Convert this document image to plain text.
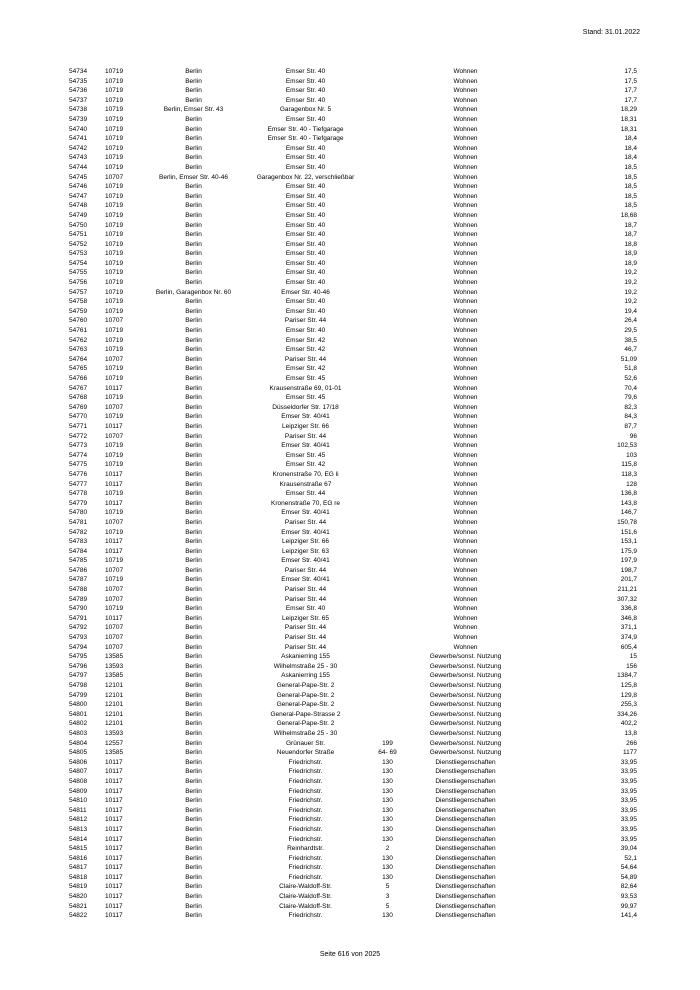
Stand: 31.01.2022
54734	10719	Berlin	Emser Str. 40		Wohnen	17,5
54735	10719	Berlin	Emser Str. 40		Wohnen	17,5
54736	10719	Berlin	Emser Str. 40		Wohnen	17,7
54737	10719	Berlin	Emser Str. 40		Wohnen	17,7
54738	10719	Berlin, Emser Str. 43	Garagenbox Nr. 5		Wohnen	18,29
54739	10719	Berlin	Emser Str. 40		Wohnen	18,31
54740	10719	Berlin	Emser Str. 40 - Tiefgarage		Wohnen	18,31
54741	10719	Berlin	Emser Str. 40 - Tiefgarage		Wohnen	18,4
54742	10719	Berlin	Emser Str. 40		Wohnen	18,4
54743	10719	Berlin	Emser Str. 40		Wohnen	18,4
54744	10719	Berlin	Emser Str. 40		Wohnen	18,5
54745	10707	Berlin, Emser Str. 40-46	Garagenbox Nr. 22, verschließbar		Wohnen	18,5
54746	10719	Berlin	Emser Str. 40		Wohnen	18,5
54747	10719	Berlin	Emser Str. 40		Wohnen	18,5
54748	10719	Berlin	Emser Str. 40		Wohnen	18,5
54749	10719	Berlin	Emser Str. 40		Wohnen	18,68
54750	10719	Berlin	Emser Str. 40		Wohnen	18,7
54751	10719	Berlin	Emser Str. 40		Wohnen	18,7
54752	10719	Berlin	Emser Str. 40		Wohnen	18,8
54753	10719	Berlin	Emser Str. 40		Wohnen	18,9
54754	10719	Berlin	Emser Str. 40		Wohnen	18,9
54755	10719	Berlin	Emser Str. 40		Wohnen	19,2
54756	10719	Berlin	Emser Str. 40		Wohnen	19,2
54757	10719	Berlin, Garagenbox Nr. 60	Emser Str. 40-46		Wohnen	19,2
54758	10719	Berlin	Emser Str. 40		Wohnen	19,2
54759	10719	Berlin	Emser Str. 40		Wohnen	19,4
54760	10707	Berlin	Pariser Str. 44		Wohnen	26,4
54761	10719	Berlin	Emser Str. 40		Wohnen	29,5
54762	10719	Berlin	Emser Str. 42		Wohnen	38,5
54763	10719	Berlin	Emser Str. 42		Wohnen	46,7
54764	10707	Berlin	Pariser Str. 44		Wohnen	51,09
54765	10719	Berlin	Emser Str. 42		Wohnen	51,8
54766	10719	Berlin	Emser Str. 45		Wohnen	52,6
54767	10117	Berlin	Krausenstraße 69, 01-01		Wohnen	70,4
54768	10719	Berlin	Emser Str. 45		Wohnen	79,6
54769	10707	Berlin	Düsseldorfer Str. 17/18		Wohnen	82,3
54770	10719	Berlin	Emser Str. 40/41		Wohnen	84,3
54771	10117	Berlin	Leipziger Str. 66		Wohnen	87,7
54772	10707	Berlin	Pariser Str. 44		Wohnen	96
54773	10719	Berlin	Emser Str. 40/41		Wohnen	102,53
54774	10719	Berlin	Emser Str. 45		Wohnen	103
54775	10719	Berlin	Emser Str. 42		Wohnen	115,8
54776	10117	Berlin	Kronenstraße 70, EG li		Wohnen	118,3
54777	10117	Berlin	Krausenstraße 67		Wohnen	128
54778	10719	Berlin	Emser Str. 44		Wohnen	136,8
54779	10117	Berlin	Kronenstraße 70, EG re		Wohnen	143,8
54780	10719	Berlin	Emser Str. 40/41		Wohnen	146,7
54781	10707	Berlin	Pariser Str. 44		Wohnen	150,78
54782	10719	Berlin	Emser Str. 40/41		Wohnen	151,6
54783	10117	Berlin	Leipziger Str. 66		Wohnen	153,1
54784	10117	Berlin	Leipziger Str. 63		Wohnen	175,9
54785	10719	Berlin	Emser Str. 40/41		Wohnen	197,9
54786	10707	Berlin	Pariser Str. 44		Wohnen	198,7
54787	10719	Berlin	Emser Str. 40/41		Wohnen	201,7
54788	10707	Berlin	Pariser Str. 44		Wohnen	211,21
54789	10707	Berlin	Pariser Str. 44		Wohnen	307,32
54790	10719	Berlin	Emser Str. 40		Wohnen	336,8
54791	10117	Berlin	Leipziger Str. 65		Wohnen	346,8
54792	10707	Berlin	Pariser Str. 44		Wohnen	371,1
54793	10707	Berlin	Pariser Str. 44		Wohnen	374,9
54794	10707	Berlin	Pariser Str. 44		Wohnen	605,4
54795	13585	Berlin	Askanierring 155		Gewerbe/sonst. Nutzung	15
54796	13593	Berlin	Wilhelmstraße 25 - 30		Gewerbe/sonst. Nutzung	156
54797	13585	Berlin	Askanierring 155		Gewerbe/sonst. Nutzung	1384,7
54798	12101	Berlin	General-Pape-Str. 2		Gewerbe/sonst. Nutzung	125,8
54799	12101	Berlin	General-Pape-Str. 2		Gewerbe/sonst. Nutzung	129,8
54800	12101	Berlin	General-Pape-Str. 2		Gewerbe/sonst. Nutzung	255,3
54801	12101	Berlin	General-Pape-Strasse 2		Gewerbe/sonst. Nutzung	334,26
54802	12101	Berlin	General-Pape-Str. 2		Gewerbe/sonst. Nutzung	402,2
54803	13593	Berlin	Wilhelmstraße 25 - 30		Gewerbe/sonst. Nutzung	13,8
54804	12557	Berlin	Grünauer Str.	199	Gewerbe/sonst. Nutzung	266
54805	13585	Berlin	Neuendorfer Straße	64- 69	Gewerbe/sonst. Nutzung	1177
54806	10117	Berlin	Friedrichstr.	130	Dienstliegenschaften	33,95
54807	10117	Berlin	Friedrichstr.	130	Dienstliegenschaften	33,95
54808	10117	Berlin	Friedrichstr.	130	Dienstliegenschaften	33,95
54809	10117	Berlin	Friedrichstr.	130	Dienstliegenschaften	33,95
54810	10117	Berlin	Friedrichstr.	130	Dienstliegenschaften	33,95
54811	10117	Berlin	Friedrichstr.	130	Dienstliegenschaften	33,95
54812	10117	Berlin	Friedrichstr.	130	Dienstliegenschaften	33,95
54813	10117	Berlin	Friedrichstr.	130	Dienstliegenschaften	33,95
54814	10117	Berlin	Friedrichstr.	130	Dienstliegenschaften	33,95
54815	10117	Berlin	Reinhardtstr.	2	Dienstliegenschaften	39,04
54816	10117	Berlin	Friedrichstr.	130	Dienstliegenschaften	52,1
54817	10117	Berlin	Friedrichstr.	130	Dienstliegenschaften	54,64
54818	10117	Berlin	Friedrichstr.	130	Dienstliegenschaften	54,89
54819	10117	Berlin	Claire-Waldoff-Str.	5	Dienstliegenschaften	82,64
54820	10117	Berlin	Claire-Waldoff-Str.	3	Dienstliegenschaften	93,53
54821	10117	Berlin	Claire-Waldoff-Str.	5	Dienstliegenschaften	99,97
54822	10117	Berlin	Friedrichstr.	130	Dienstliegenschaften	141,4
Seite 616 von 2025
